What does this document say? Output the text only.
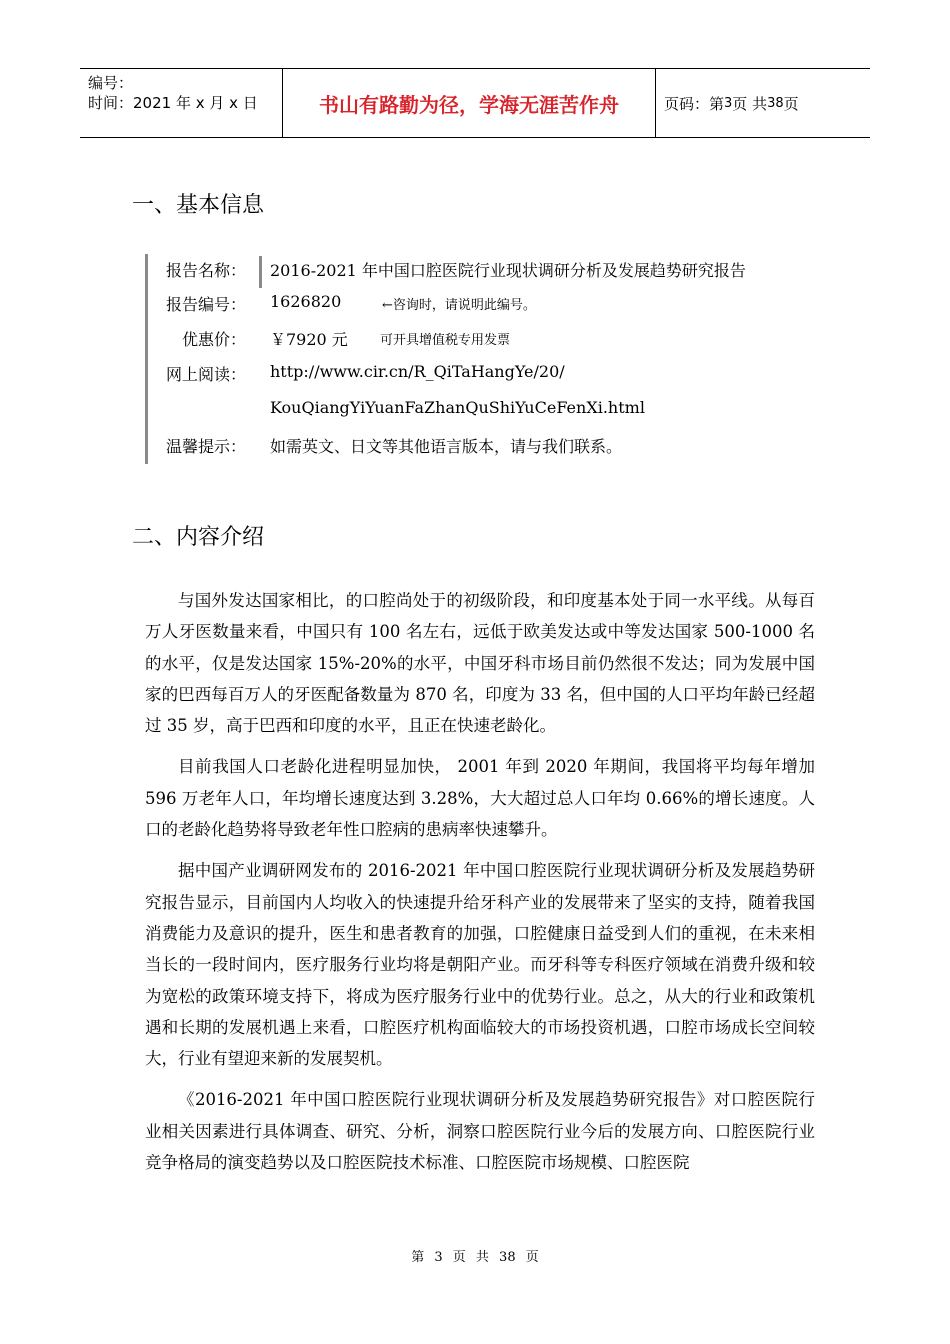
编号：
时间：2021 年 x 月 x 日	书山有路勤为径，学海无涯苦作舟	页码：第 3 页 共 38 页
一、基本信息
报告名称： 2016-2021 年中国口腔医院行业现状调研分析及发展趋势研究报告
报告编号： 1626820	←咨询时，请说明此编号。
优惠价： ￥7920 元 可开具增值税专用发票
网上阅读： http://www.cir.cn/R_QiTaHangYe/20/
KouQiangYiYuanFaZhanQuShiYuCeFenXi.html
温馨提示： 如需英文、日文等其他语言版本，请与我们联系。
二、内容介绍

与国外发达国家相比，的口腔尚处于的初级阶段，和印度基本处于同一水平线。从每百万人牙医数量来看，中国只有 100 名左右，远低于欧美发达或中等发达国家 500-1000 名的水平，仅是发达国家 15%-20%的水平，中国牙科市场目前仍然很不发达；同为发展中国家的巴西每百万人的牙医配备数量为 870 名，印度为 33 名，但中国的人口平均年龄已经超过 35 岁，高于巴西和印度的水平，且正在快速老龄化。

目前我国人口老龄化进程明显加快， 2001 年到 2020 年期间，我国将平均每年增加 596 万老年人口，年均增长速度达到 3.28%，大大超过总人口年均 0.66%的增长速度。人口的老龄化趋势将导致老年性口腔病的患病率快速攀升。

据中国产业调研网发布的 2016-2021 年中国口腔医院行业现状调研分析及发展趋势研究报告显示，目前国内人均收入的快速提升给牙科产业的发展带来了坚实的支持，随着我国消费能力及意识的提升，医生和患者教育的加强，口腔健康日益受到人们的重视，在未来相当长的一段时间内，医疗服务行业均将是朝阳产业。而牙科等专科医疗领域在消费升级和较为宽松的政策环境支持下，将成为医疗服务行业中的优势行业。总之，从大的行业和政策机遇和长期的发展机遇上来看，口腔医疗机构面临较大的市场投资机遇，口腔市场成长空间较大，行业有望迎来新的发展契机。

《2016-2021 年中国口腔医院行业现状调研分析及发展趋势研究报告》对口腔医院行业相关因素进行具体调查、研究、分析，洞察口腔医院行业今后的发展方向、口腔医院行业竞争格局的演变趋势以及口腔医院技术标准、口腔医院市场规模、口腔医院

第 3 页 共 38 页
